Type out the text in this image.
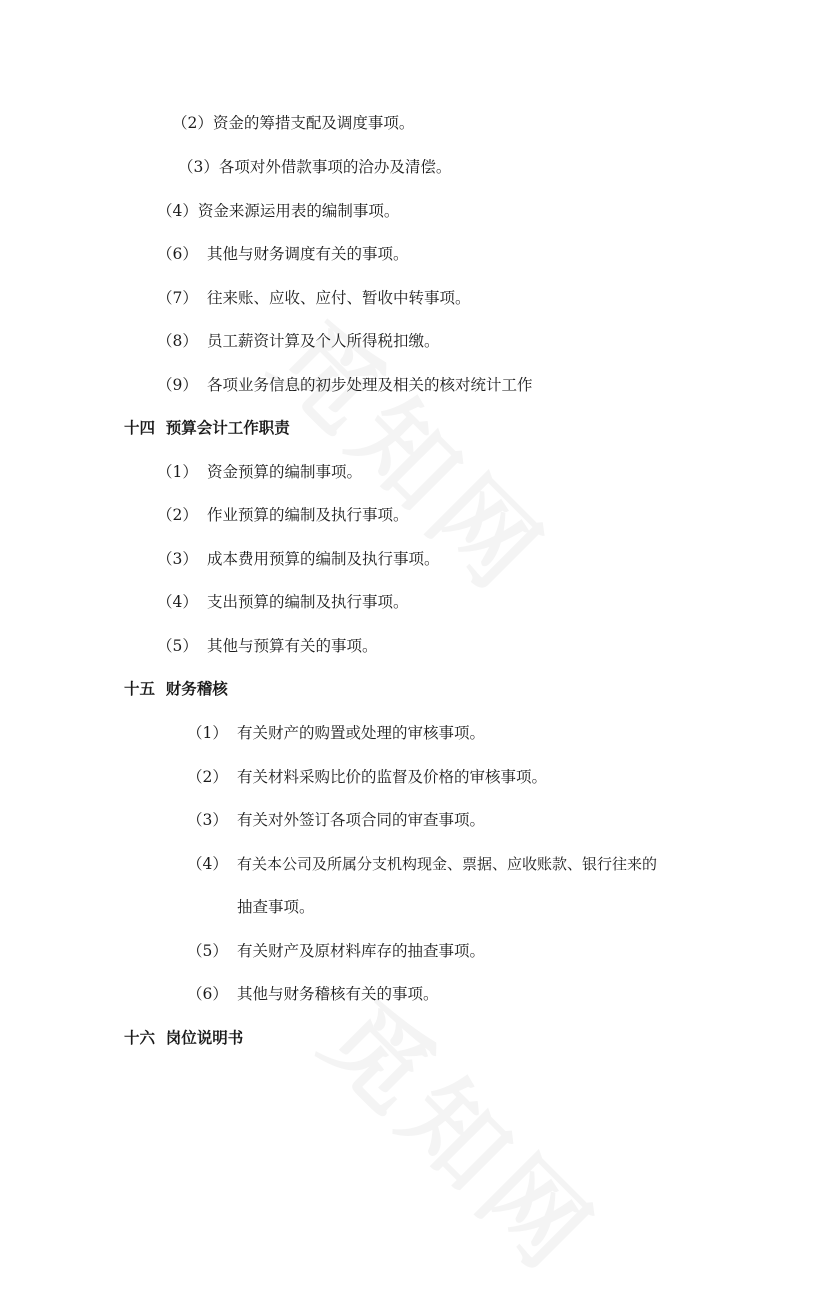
（2）资金的筹措支配及调度事项。
（3）各项对外借款事项的洽办及清偿。
（4）资金来源运用表的编制事项。
（6） 其他与财务调度有关的事项。
（7） 往来账、应收、应付、暂收中转事项。
（8） 员工薪资计算及个人所得税扣缴。
（9） 各项业务信息的初步处理及相关的核对统计工作
十四  预算会计工作职责
（1） 资金预算的编制事项。
（2） 作业预算的编制及执行事项。
（3） 成本费用预算的编制及执行事项。
（4） 支出预算的编制及执行事项。
（5） 其他与预算有关的事项。
十五  财务稽核
（1） 有关财产的购置或处理的审核事项。
（2） 有关材料采购比价的监督及价格的审核事项。
（3） 有关对外签订各项合同的审查事项。
（4） 有关本公司及所属分支机构现金、票据、应收账款、银行往来的
抽查事项。
（5） 有关财产及原材料库存的抽查事项。
（6） 其他与财务稽核有关的事项。
十六  岗位说明书
